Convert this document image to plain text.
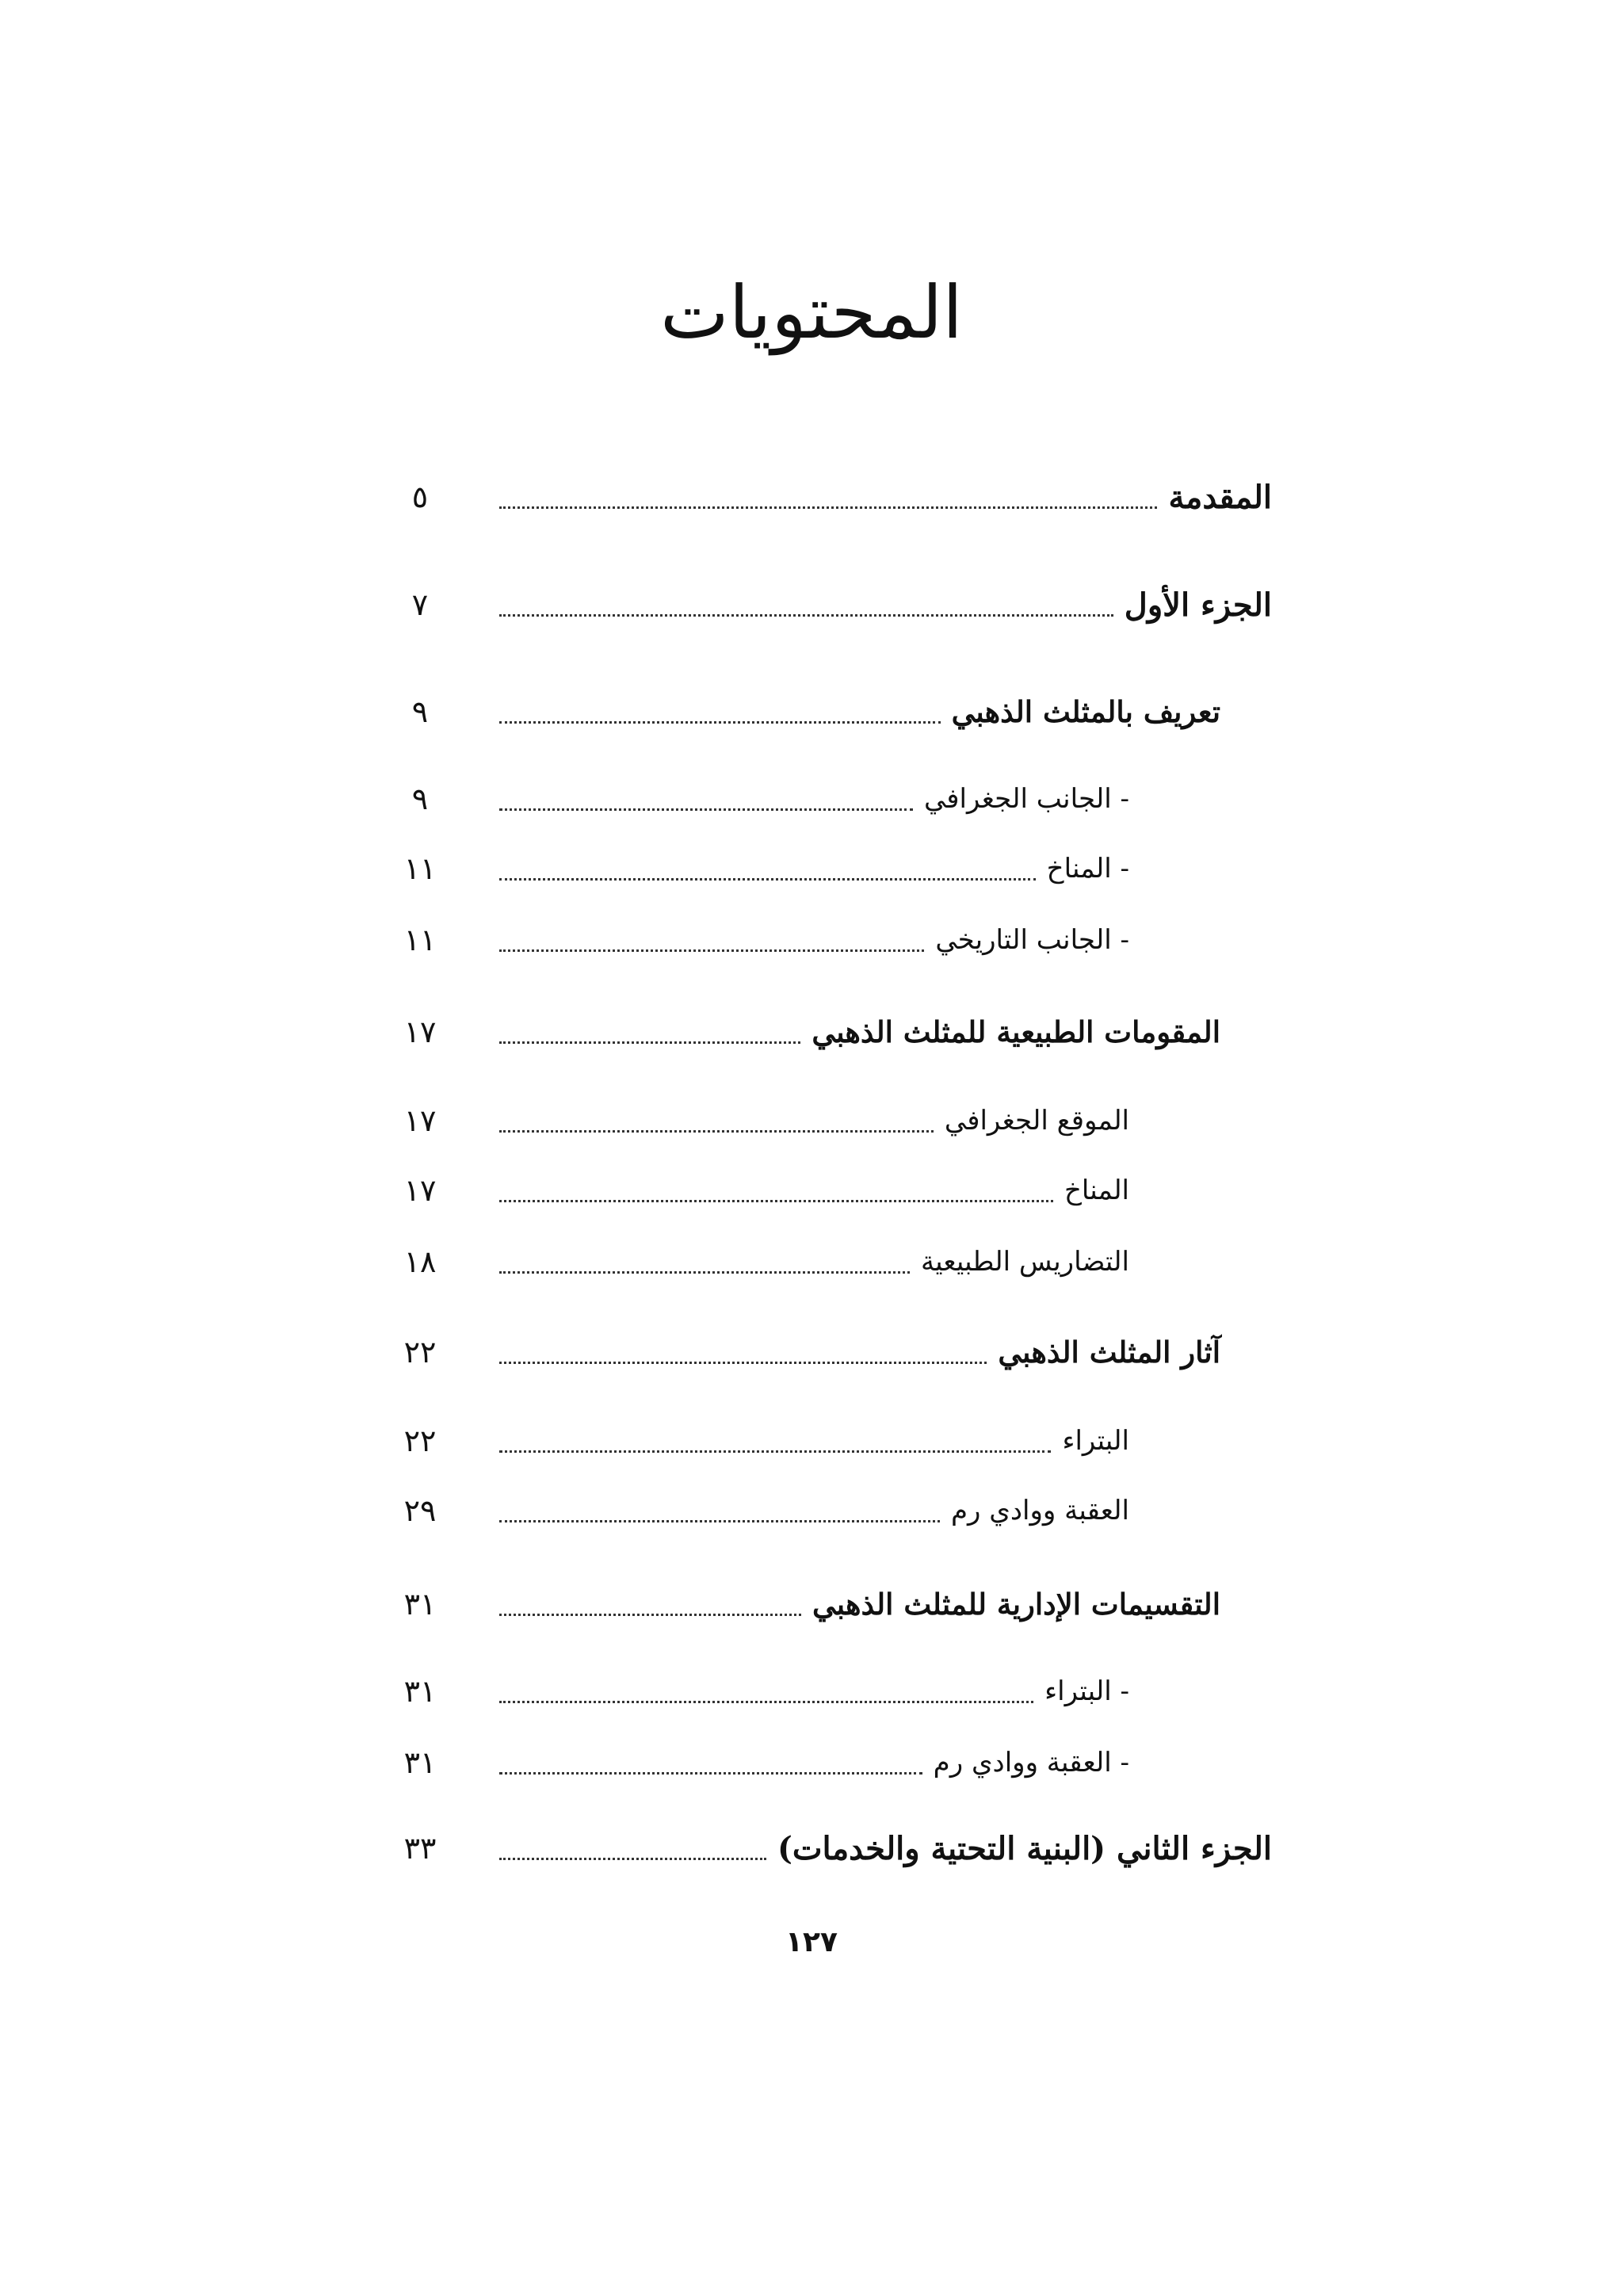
المحتويات
٥	المقدمة
٧	الجزء الأول
٩	تعريف بالمثلث الذهبي
٩	- الجانب الجغرافي
١١	- المناخ
١١	- الجانب التاريخي
١٧	المقومات الطبيعية للمثلث الذهبي
١٧	الموقع الجغرافي
١٧	المناخ
١٨	التضاريس الطبيعية
٢٢	آثار المثلث الذهبي
٢٢	البتراء
٢٩	العقبة ووادي رم
٣١	التقسيمات الإدارية للمثلث الذهبي
٣١	- البتراء
٣١	- العقبة ووادي رم
٣٣	الجزء الثاني (البنية التحتية والخدمات)
١٢٧
